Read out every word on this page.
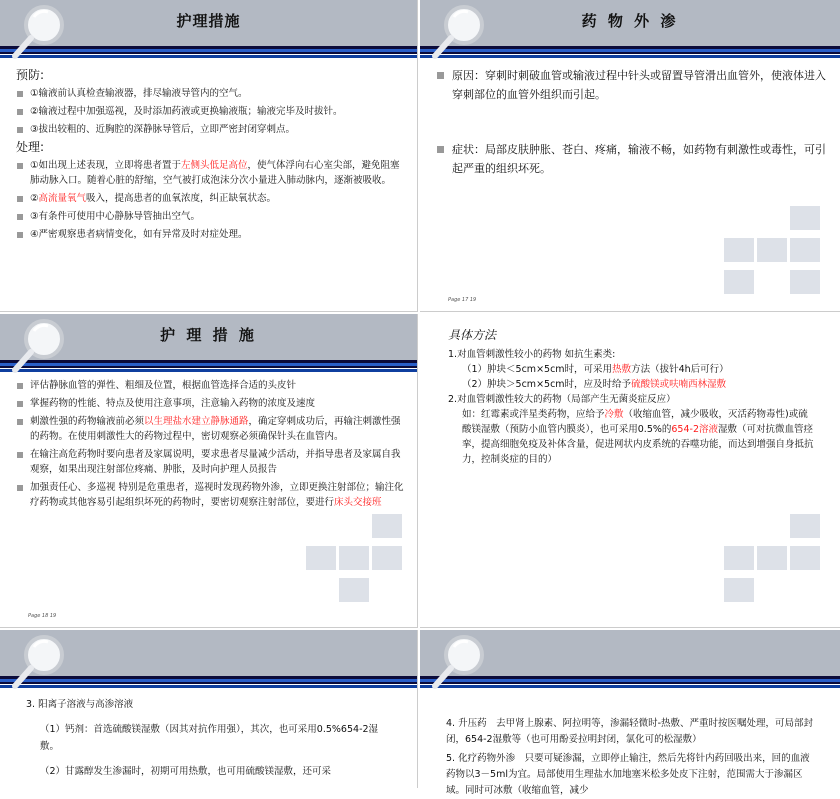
护理措施
预防:
①输液前认真检查输液器，排尽输液导管内的空气。
②输液过程中加强巡视，及时添加药液或更换输液瓶；输液完毕及时拔针。
③拔出较粗的、近胸腔的深静脉导管后，立即严密封闭穿刺点。
处理:
①如出现上述表现，立即将患者置于左侧头低足高位，使气体浮向右心室尖部，避免阻塞肺动脉入口。随着心脏的舒缩，空气被打成泡沫分次小量进入肺动脉内，逐渐被吸收。
②高流量氧气吸入，提高患者的血氧浓度，纠正缺氧状态。
③有条件可使用中心静脉导管抽出空气。
④严密观察患者病情变化，如有异常及时对症处理。
药 物 外 渗
原因：穿刺时刺破血管或输液过程中针头或留置导管滑出血管外，使液体进入穿刺部位的血管外组织而引起。
症状：局部皮肤肿胀、苍白、疼痛，输液不畅，如药物有刺激性或毒性，可引起严重的组织坏死。
Page 17 19
护 理 措 施
评估静脉血管的弹性、粗细及位置，根据血管选择合适的头皮针
掌握药物的性能、特点及使用注意事项，注意输入药物的浓度及速度
刺激性强的药物输液前必须以生理盐水建立静脉通路，确定穿刺成功后，再输注刺激性强的药物。在使用刺激性大的药物过程中，密切观察必须确保针头在血管内。
在输注高危药物时要向患者及家属说明，要求患者尽量减少活动，并指导患者及家属自我观察，如果出现注射部位疼痛、肿胀，及时向护理人员报告
加强责任心、多巡视 特别是危重患者，巡视时发现药物外渗，立即更换注射部位；输注化疗药物或其他容易引起组织坏死的药物时，要密切观察注射部位，要进行床头交接班
Page 18 19
具体方法
1.对血管刺激性较小的药物 如抗生素类:
（1）肿块＜5cm×5cm时，可采用热敷方法（拔针4h后可行）
（2）肿块＞5cm×5cm时，应及时给予硫酸镁或呋喃西林湿敷
2.对血管刺激性较大的药物（局部产生无菌炎症反应）
如：红霉素或泮星类药物，应给予冷敷（收缩血管，减少吸收，灭活药物毒性)或硫酸镁湿敷（预防小血管内膜炎），也可采用0.5%的654-2溶液湿敷（可对抗微血管痉挛，提高细胞免疫及补体含量，促进网状内皮系统的吞噬功能，而达到增强自身抵抗力，控制炎症的目的）
3. 阳离子溶液与高渗溶液
（1）钙剂：首选硫酸镁湿敷（因其对抗作用强），其次，也可采用0.5%654-2湿敷。
（2）甘露醇发生渗漏时，初期可用热敷，也可用硫酸镁湿敷，还可采
4. 升压药　去甲肾上腺素、阿拉明等，渗漏轻微时-热敷、严重时按医嘱处理，可局部封闭，654-2湿敷等（也可用酚妥拉明封闭，氯化可的松湿敷）
5. 化疗药物外渗　只要可疑渗漏，立即停止输注，然后先将针内药回吸出来，回的血液药物以3－5ml为宜。局部使用生理盐水加地塞米松多处皮下注射，范围需大于渗漏区域。同时可冰敷（收缩血管，减少
